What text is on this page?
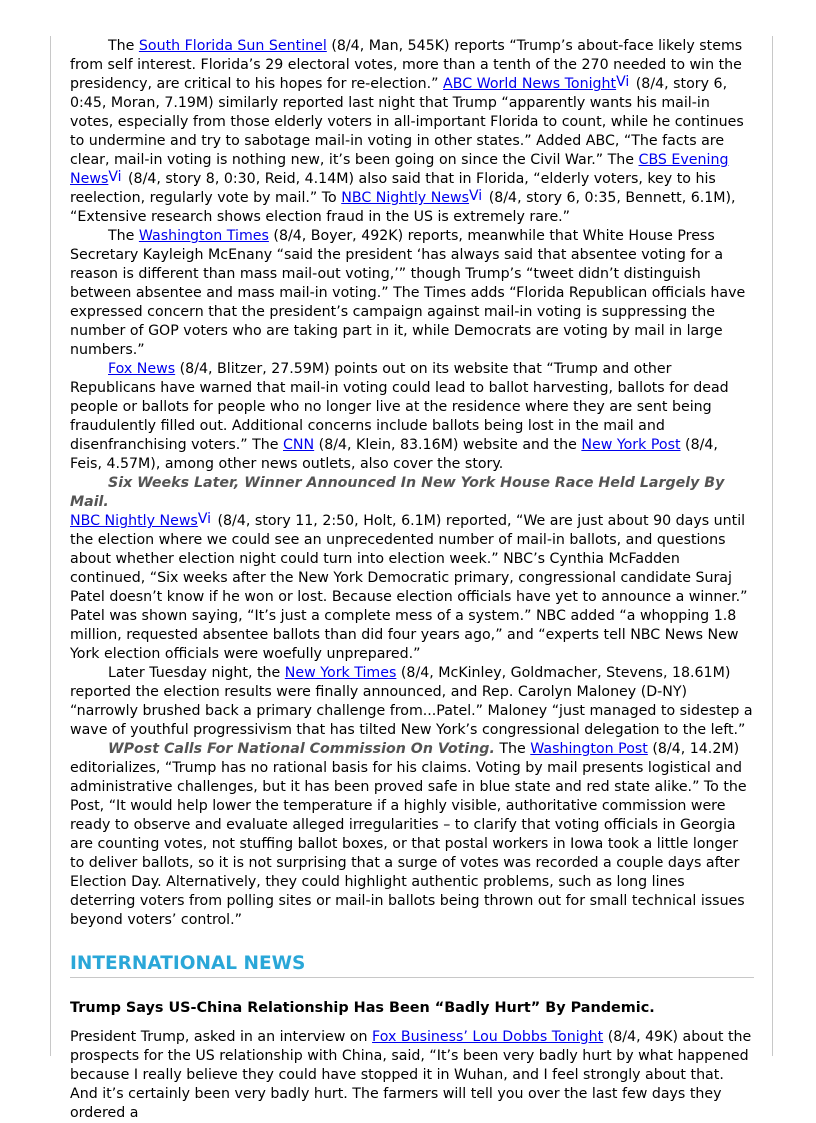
The South Florida Sun Sentinel (8/4, Man, 545K) reports “Trump’s about-face likely stems from self interest. Florida’s 29 electoral votes, more than a tenth of the 270 needed to win the presidency, are critical to his hopes for re-election.” ABC World News Tonight$^{Vi}$ (8/4, story 6, 0:45, Moran, 7.19M) similarly reported last night that Trump “apparently wants his mail-in votes, especially from those elderly voters in all-important Florida to count, while he continues to undermine and try to sabotage mail-in voting in other states.” Added ABC, “The facts are clear, mail-in voting is nothing new, it’s been going on since the Civil War.” The CBS Evening News$^{Vi}$ (8/4, story 8, 0:30, Reid, 4.14M) also said that in Florida, “elderly voters, key to his reelection, regularly vote by mail.” To NBC Nightly News$^{Vi}$ (8/4, story 6, 0:35, Bennett, 6.1M), “Extensive research shows election fraud in the US is extremely rare.”

The Washington Times (8/4, Boyer, 492K) reports, meanwhile that White House Press Secretary Kayleigh McEnany “said the president ‘has always said that absentee voting for a reason is different than mass mail-out voting,’” though Trump’s “tweet didn’t distinguish between absentee and mass mail-in voting.” The Times adds “Florida Republican officials have expressed concern that the president’s campaign against mail-in voting is suppressing the number of GOP voters who are taking part in it, while Democrats are voting by mail in large numbers.”

Fox News (8/4, Blitzer, 27.59M) points out on its website that “Trump and other Republicans have warned that mail-in voting could lead to ballot harvesting, ballots for dead people or ballots for people who no longer live at the residence where they are sent being fraudulently filled out. Additional concerns include ballots being lost in the mail and disenfranchising voters.” The CNN (8/4, Klein, 83.16M) website and the New York Post (8/4, Feis, 4.57M), among other news outlets, also cover the story.

Six Weeks Later, Winner Announced In New York House Race Held Largely By Mail.
NBC Nightly News$^{Vi}$ (8/4, story 11, 2:50, Holt, 6.1M) reported, “We are just about 90 days until the election where we could see an unprecedented number of mail-in ballots, and questions about whether election night could turn into election week.” NBC’s Cynthia McFadden continued, “Six weeks after the New York Democratic primary, congressional candidate Suraj Patel doesn’t know if he won or lost. Because election officials have yet to announce a winner.” Patel was shown saying, “It’s just a complete mess of a system.” NBC added “a whopping 1.8 million, requested absentee ballots than did four years ago,” and “experts tell NBC News New York election officials were woefully unprepared.”

Later Tuesday night, the New York Times (8/4, McKinley, Goldmacher, Stevens, 18.61M) reported the election results were finally announced, and Rep. Carolyn Maloney (D-NY) “narrowly brushed back a primary challenge from...Patel.” Maloney “just managed to sidestep a wave of youthful progressivism that has tilted New York’s congressional delegation to the left.”

WPost Calls For National Commission On Voting. The Washington Post (8/4, 14.2M) editorializes, “Trump has no rational basis for his claims. Voting by mail presents logistical and administrative challenges, but it has been proved safe in blue state and red state alike.” To the Post, “It would help lower the temperature if a highly visible, authoritative commission were ready to observe and evaluate alleged irregularities – to clarify that voting officials in Georgia are counting votes, not stuffing ballot boxes, or that postal workers in Iowa took a little longer to deliver ballots, so it is not surprising that a surge of votes was recorded a couple days after Election Day. Alternatively, they could highlight authentic problems, such as long lines deterring voters from polling sites or mail-in ballots being thrown out for small technical issues beyond voters’ control.”

INTERNATIONAL NEWS
Trump Says US-China Relationship Has Been “Badly Hurt” By Pandemic.

President Trump, asked in an interview on Fox Business’ Lou Dobbs Tonight (8/4, 49K) about the prospects for the US relationship with China, said, “It’s been very badly hurt by what happened because I really believe they could have stopped it in Wuhan, and I feel strongly about that. And it’s certainly been very badly hurt. The farmers will tell you over the last few days they ordered a
